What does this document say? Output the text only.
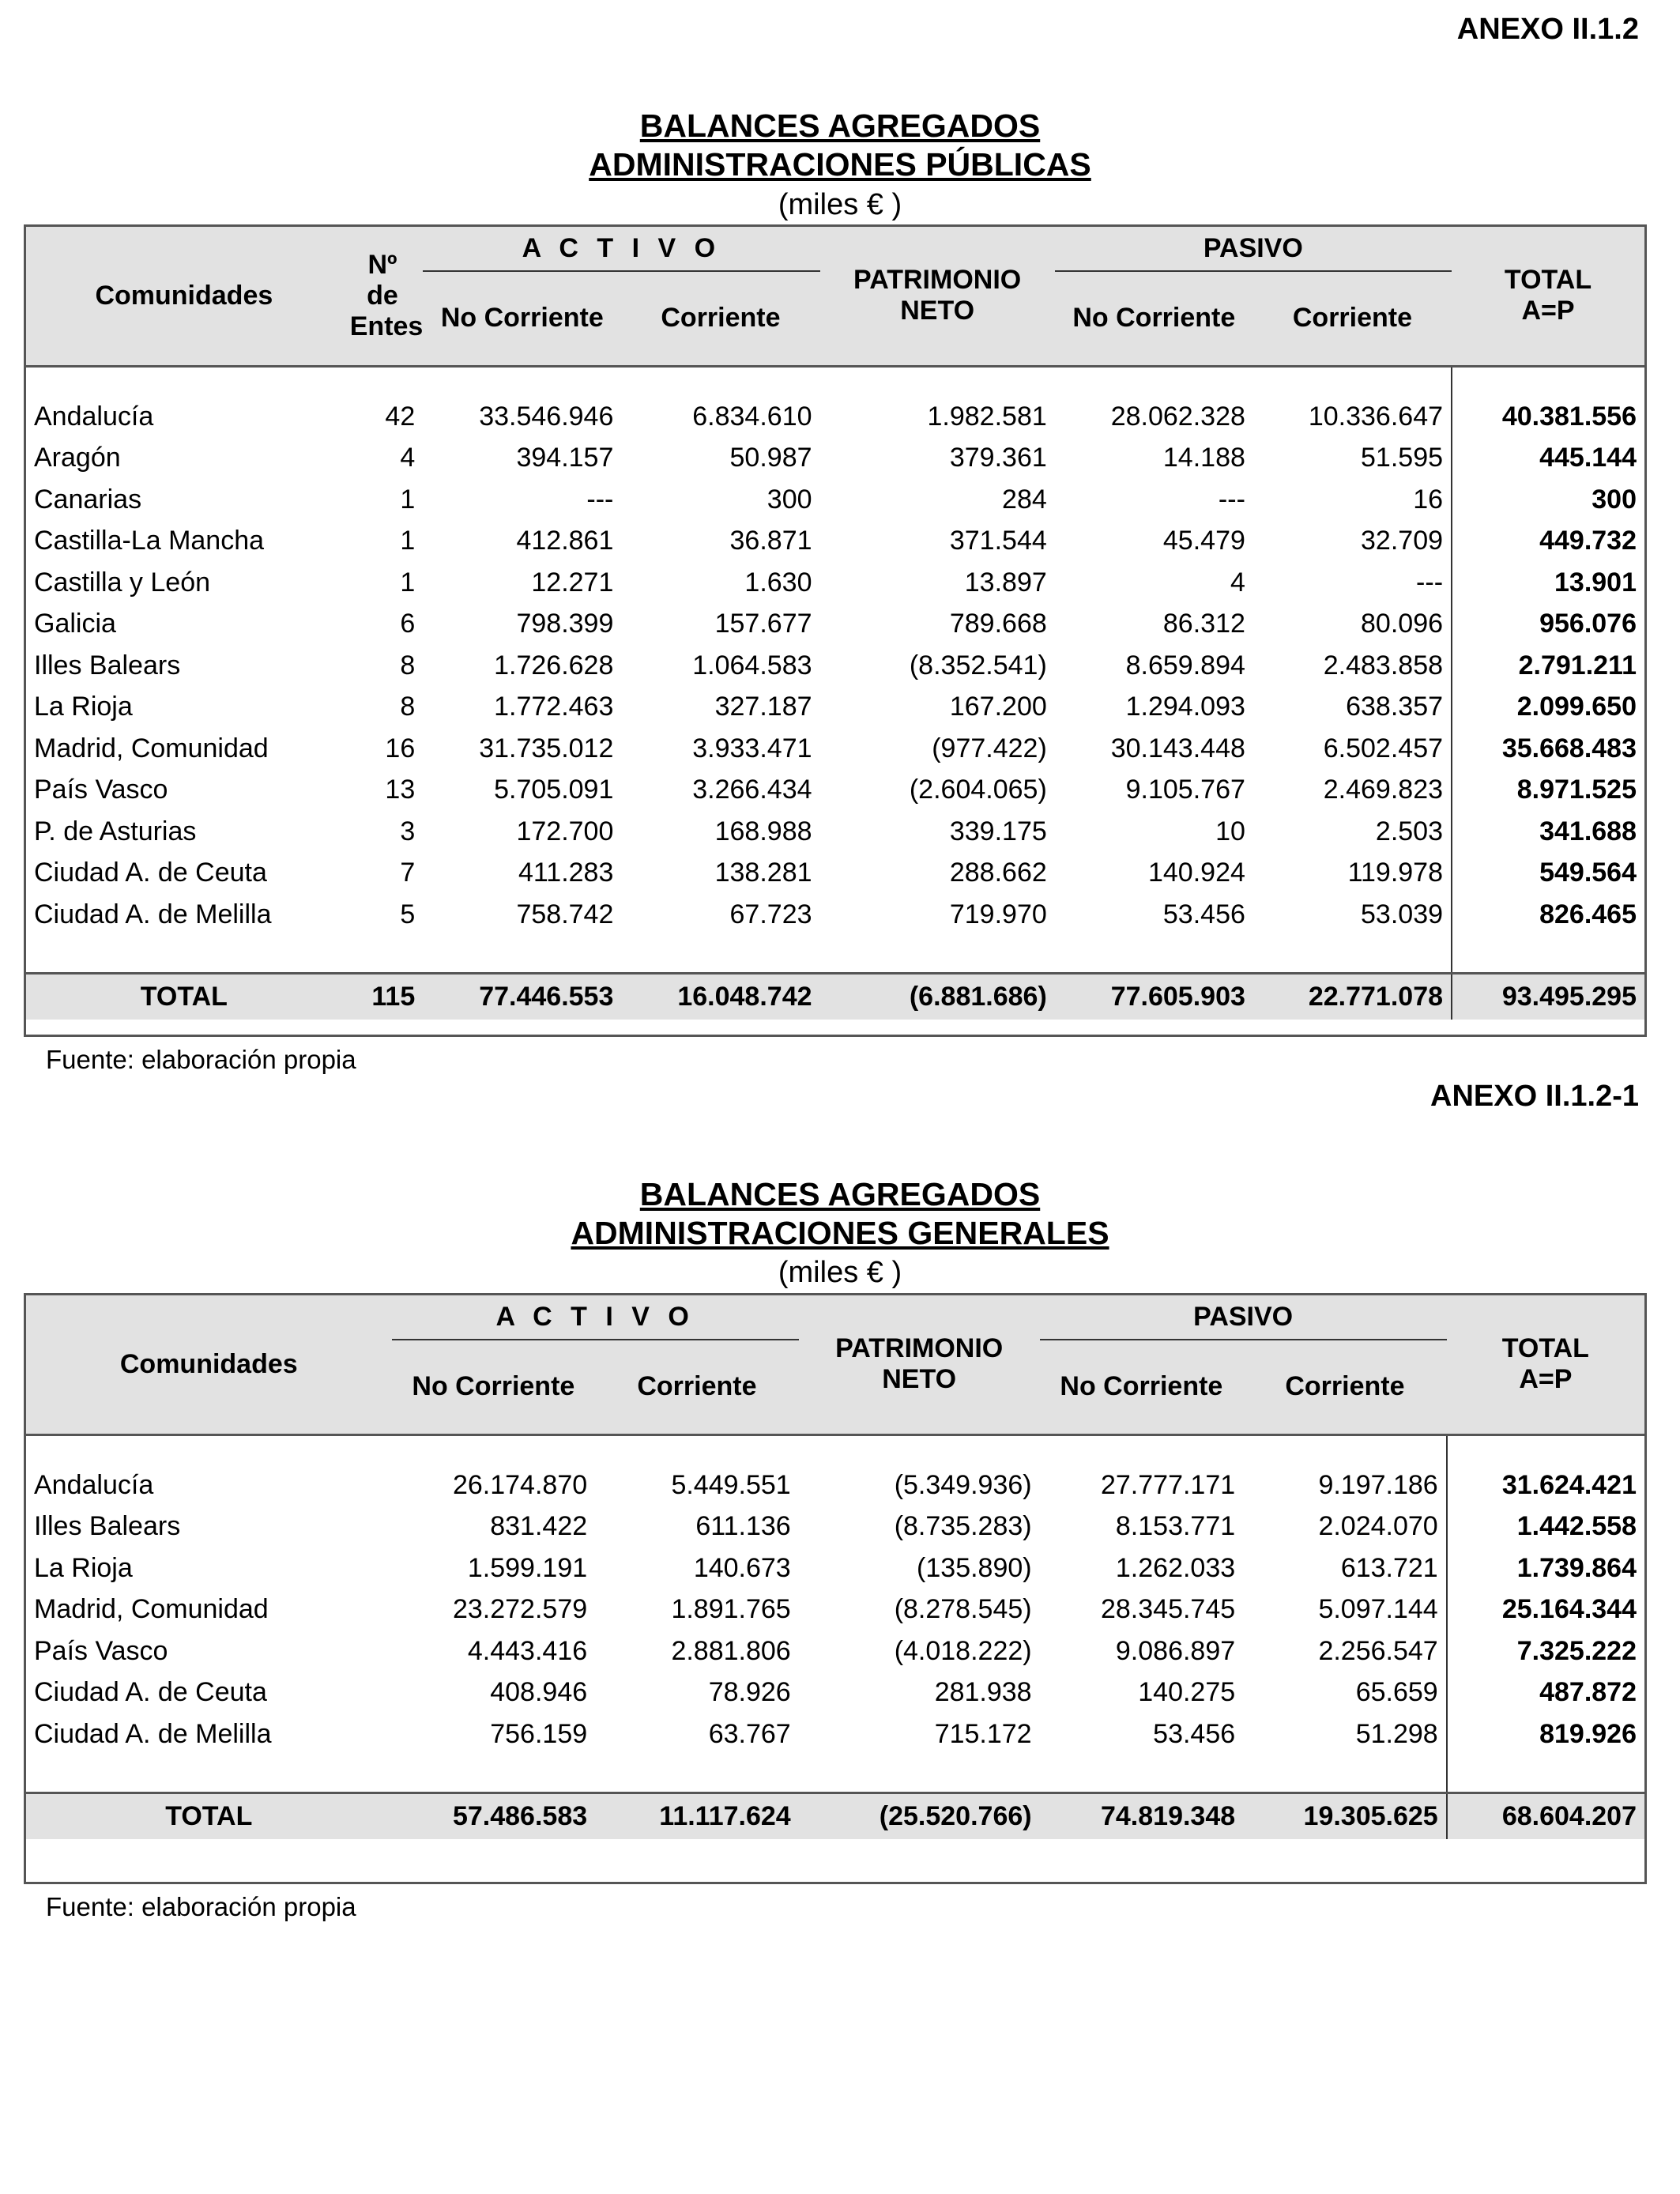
ANEXO II.1.2
BALANCES AGREGADOS
ADMINISTRACIONES PÚBLICAS
(miles € )
Comunidades	Nº de
Entes	A C T I V O		PATRIMONIO
NETO	PASIVO		TOTAL
A=P
		No Corriente	Corriente		No Corriente	Corriente	

Andalucía	42	33.546.946	6.834.610	1.982.581	28.062.328	10.336.647	40.381.556
Aragón	4	394.157	50.987	379.361	14.188	51.595	445.144
Canarias	1	---	300	284	---	16	300
Castilla-La Mancha	1	412.861	36.871	371.544	45.479	32.709	449.732
Castilla y León	1	12.271	1.630	13.897	4	---	13.901
Galicia	6	798.399	157.677	789.668	86.312	80.096	956.076
Illes Balears	8	1.726.628	1.064.583	(8.352.541)	8.659.894	2.483.858	2.791.211
La Rioja	8	1.772.463	327.187	167.200	1.294.093	638.357	2.099.650
Madrid, Comunidad	16	31.735.012	3.933.471	(977.422)	30.143.448	6.502.457	35.668.483
País Vasco	13	5.705.091	3.266.434	(2.604.065)	9.105.767	2.469.823	8.971.525
P. de Asturias	3	172.700	168.988	339.175	10	2.503	341.688
Ciudad A. de Ceuta	7	411.283	138.281	288.662	140.924	119.978	549.564
Ciudad A. de Melilla	5	758.742	67.723	719.970	53.456	53.039	826.465

TOTAL	115	77.446.553	16.048.742	(6.881.686)	77.605.903	22.771.078	93.495.295
Fuente: elaboración propia
ANEXO II.1.2-1
BALANCES AGREGADOS
ADMINISTRACIONES GENERALES
(miles € )
Comunidades	A C T I V O		PATRIMONIO
NETO	PASIVO		TOTAL
A=P
	No Corriente	Corriente		No Corriente	Corriente	

Andalucía	26.174.870	5.449.551	(5.349.936)	27.777.171	9.197.186	31.624.421
Illes Balears	831.422	611.136	(8.735.283)	8.153.771	2.024.070	1.442.558
La Rioja	1.599.191	140.673	(135.890)	1.262.033	613.721	1.739.864
Madrid, Comunidad	23.272.579	1.891.765	(8.278.545)	28.345.745	5.097.144	25.164.344
País Vasco	4.443.416	2.881.806	(4.018.222)	9.086.897	2.256.547	7.325.222
Ciudad A. de Ceuta	408.946	78.926	281.938	140.275	65.659	487.872
Ciudad A. de Melilla	756.159	63.767	715.172	53.456	51.298	819.926

TOTAL	57.486.583	11.117.624	(25.520.766)	74.819.348	19.305.625	68.604.207
Fuente: elaboración propia
